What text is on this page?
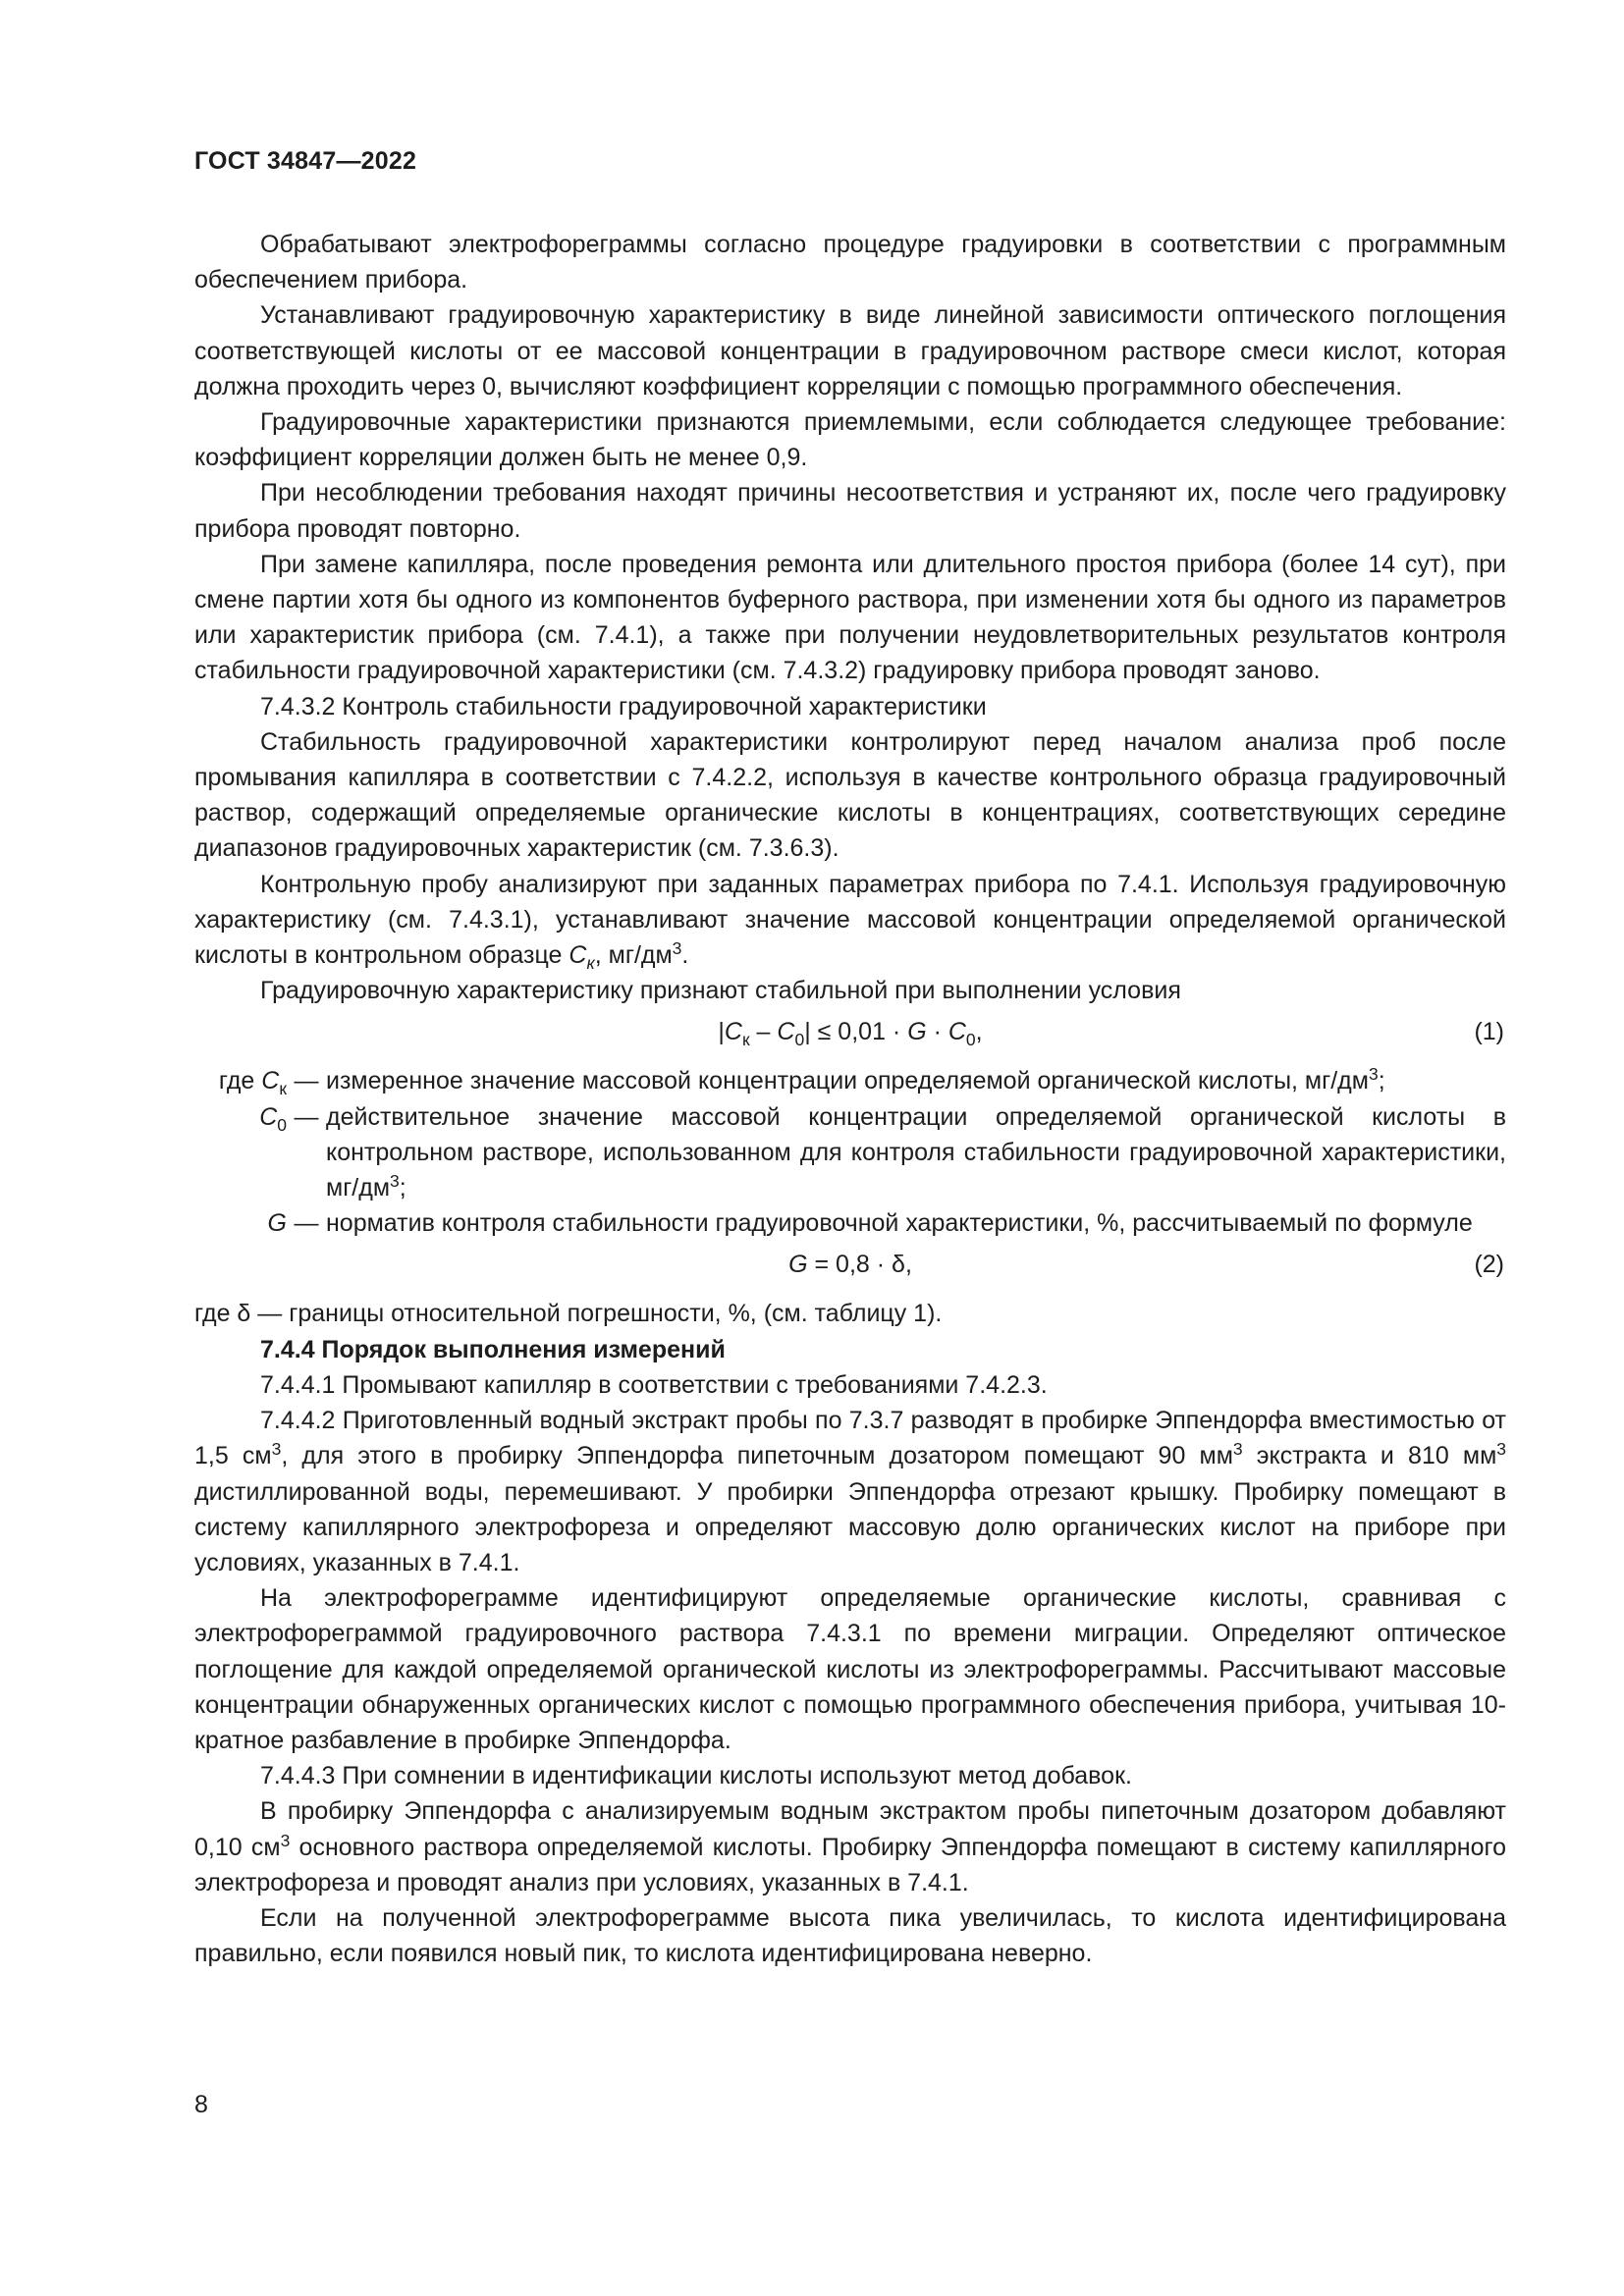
ГОСТ 34847—2022

Обрабатывают электрофореграммы согласно процедуре градуировки в соответствии с программным обеспечением прибора.

Устанавливают градуировочную характеристику в виде линейной зависимости оптического поглощения соответствующей кислоты от ее массовой концентрации в градуировочном растворе смеси кислот, которая должна проходить через 0, вычисляют коэффициент корреляции с помощью программного обеспечения.

Градуировочные характеристики признаются приемлемыми, если соблюдается следующее требование: коэффициент корреляции должен быть не менее 0,9.

При несоблюдении требования находят причины несоответствия и устраняют их, после чего градуировку прибора проводят повторно.

При замене капилляра, после проведения ремонта или длительного простоя прибора (более 14 сут), при смене партии хотя бы одного из компонентов буферного раствора, при изменении хотя бы одного из параметров или характеристик прибора (см. 7.4.1), а также при получении неудовлетворительных результатов контроля стабильности градуировочной характеристики (см. 7.4.3.2) градуировку прибора проводят заново.

7.4.3.2 Контроль стабильности градуировочной характеристики

Стабильность градуировочной характеристики контролируют перед началом анализа проб после промывания капилляра в соответствии с 7.4.2.2, используя в качестве контрольного образца градуировочный раствор, содержащий определяемые органические кислоты в концентрациях, соответствующих середине диапазонов градуировочных характеристик (см. 7.3.6.3).

Контрольную пробу анализируют при заданных параметрах прибора по 7.4.1. Используя градуировочную характеристику (см. 7.4.3.1), устанавливают значение массовой концентрации определяемой органической кислоты в контрольном образце $C_к$, $мг/дм^3$.

Градуировочную характеристику признают стабильной при выполнении условия

$|C_к - C_0| \le 0,01 \cdot G \cdot C_0$,	(1)
где $C_к$ — измеренное значение массовой концентрации определяемой органической кислоты, $мг/дм^3$;
$C_0$ — действительное значение массовой концентрации определяемой органической кислоты в контрольном растворе, использованном для контроля стабильности градуировочной характеристики, $мг/дм^3$;
G — норматив контроля стабильности градуировочной характеристики, %, рассчитываемый по формуле
G = 0,8 · δ,	(2)

где δ — границы относительной погрешности, %, (см. таблицу 1).

7.4.4 Порядок выполнения измерений

7.4.4.1 Промывают капилляр в соответствии с требованиями 7.4.2.3.

7.4.4.2 Приготовленный водный экстракт пробы по 7.3.7 разводят в пробирке Эппендорфа вместимостью от 1,5 $см^3$, для этого в пробирку Эппендорфа пипеточным дозатором помещают 90 $мм^3$ экстракта и 810 $мм^3$ дистиллированной воды, перемешивают. У пробирки Эппендорфа отрезают крышку. Пробирку помещают в систему капиллярного электрофореза и определяют массовую долю органических кислот на приборе при условиях, указанных в 7.4.1.

На электрофореграмме идентифицируют определяемые органические кислоты, сравнивая с электрофореграммой градуировочного раствора 7.4.3.1 по времени миграции. Определяют оптическое поглощение для каждой определяемой органической кислоты из электрофореграммы. Рассчитывают массовые концентрации обнаруженных органических кислот с помощью программного обеспечения прибора, учитывая 10-кратное разбавление в пробирке Эппендорфа.

7.4.4.3 При сомнении в идентификации кислоты используют метод добавок.

В пробирку Эппендорфа с анализируемым водным экстрактом пробы пипеточным дозатором добавляют 0,10 $см^3$ основного раствора определяемой кислоты. Пробирку Эппендорфа помещают в систему капиллярного электрофореза и проводят анализ при условиях, указанных в 7.4.1.

Если на полученной электрофореграмме высота пика увеличилась, то кислота идентифицирована правильно, если появился новый пик, то кислота идентифицирована неверно.

8
